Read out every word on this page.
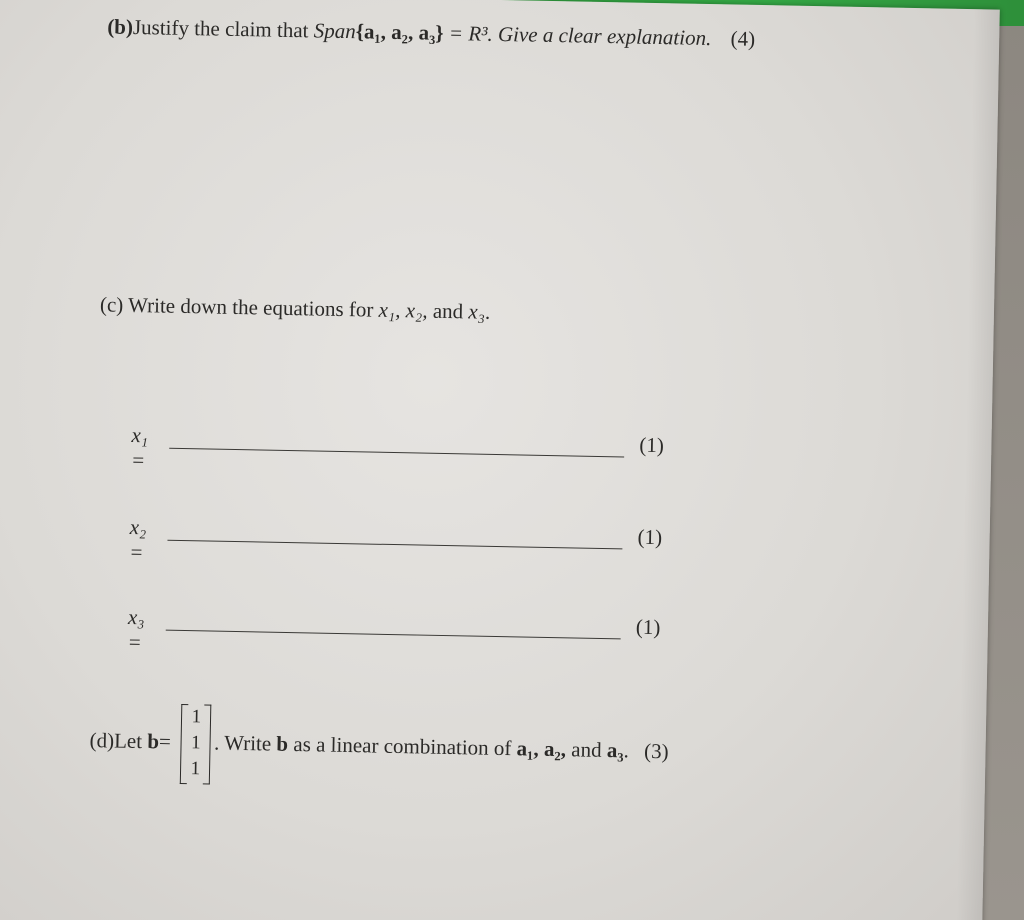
(b)Justify the claim that Span{a₁, a₂, a₃} = R³. Give a clear explanation. (4)
(c) Write down the equations for x₁, x₂, and x₃.
x₁ =
(1)
x₂ =
(1)
x₃ =
(1)
(d)Let b=
1
1
1
. Write b as a linear combination of a₁, a₂, and a₃. (3)
